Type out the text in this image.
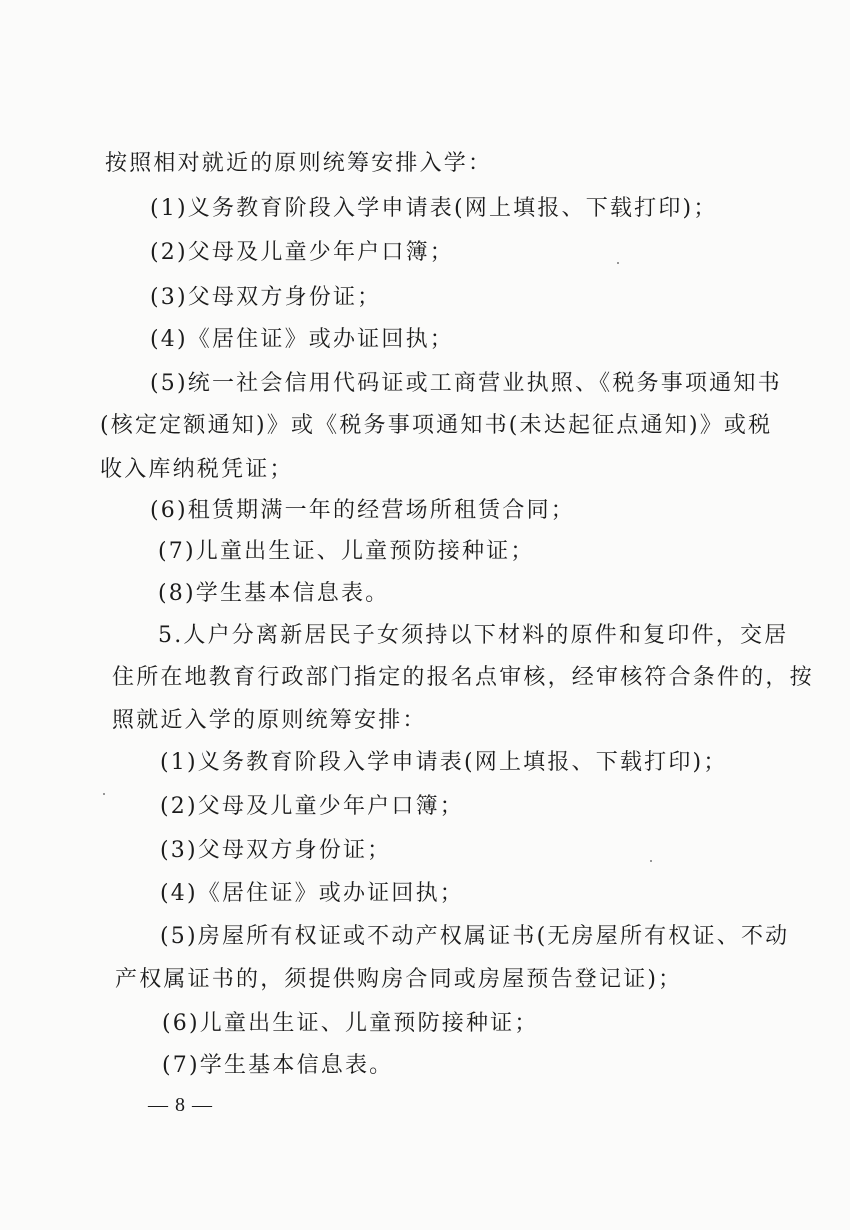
按照相对就近的原则统筹安排入学：
(1)义务教育阶段入学申请表(网上填报、下载打印)；
(2)父母及儿童少年户口簿；
(3)父母双方身份证；
(4)《居住证》或办证回执；
(5)统一社会信用代码证或工商营业执照、《税务事项通知书
(核定定额通知)》或《税务事项通知书(未达起征点通知)》或税
收入库纳税凭证；
(6)租赁期满一年的经营场所租赁合同；
(7)儿童出生证、儿童预防接种证；
(8)学生基本信息表。
5.人户分离新居民子女须持以下材料的原件和复印件，交居
住所在地教育行政部门指定的报名点审核，经审核符合条件的，按
照就近入学的原则统筹安排：
(1)义务教育阶段入学申请表(网上填报、下载打印)；
(2)父母及儿童少年户口簿；
(3)父母双方身份证；
(4)《居住证》或办证回执；
(5)房屋所有权证或不动产权属证书(无房屋所有权证、不动
产权属证书的，须提供购房合同或房屋预告登记证)；
(6)儿童出生证、儿童预防接种证；
(7)学生基本信息表。
— 8 —
